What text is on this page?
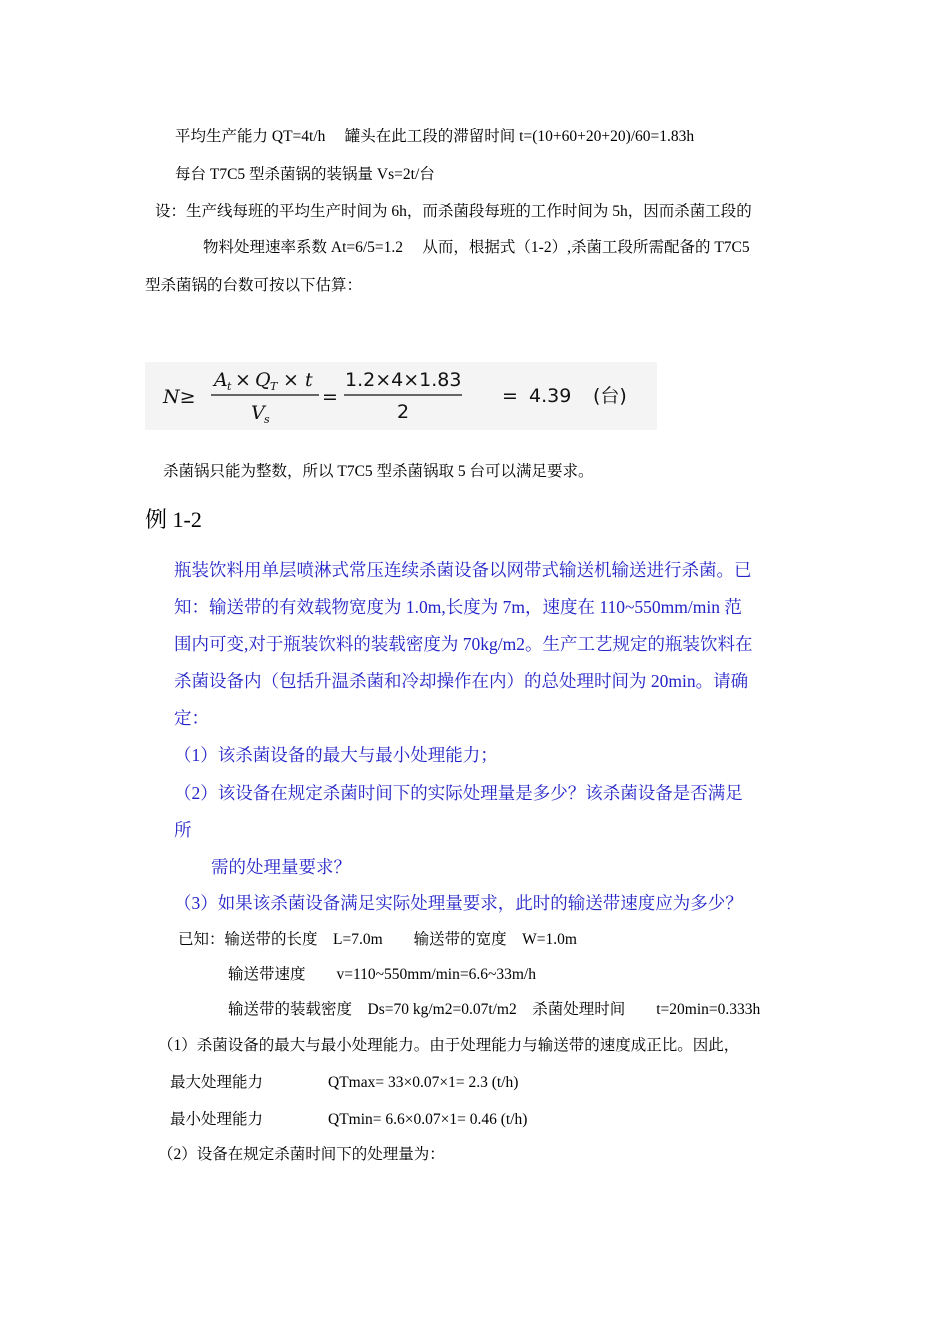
平均生产能力 QT=4t/h　 罐头在此工段的滞留时间 t=(10+60+20+20)/60=1.83h
每台 T7C5 型杀菌锅的装锅量 Vs=2t/台
设：生产线每班的平均生产时间为 6h，而杀菌段每班的工作时间为 5h，因而杀菌工段的
物料处理速率系数 At=6/5=1.2　 从而，根据式（1-2）,杀菌工段所需配备的 T7C5
型杀菌锅的台数可按以下估算：
N≥
A t × Q T × t
V s
=
1.2×4×1.83
2
= 4.39 (台)
杀菌锅只能为整数，所以 T7C5 型杀菌锅取 5 台可以满足要求。
例 1-2
瓶装饮料用单层喷淋式常压连续杀菌设备以网带式输送机输送进行杀菌。已
知：输送带的有效载物宽度为 1.0m,长度为 7m，速度在 110~550mm/min 范
围内可变,对于瓶装饮料的装载密度为 70kg/m2。生产工艺规定的瓶装饮料在
杀菌设备内（包括升温杀菌和冷却操作在内）的总处理时间为 20min。请确
定：
（1）该杀菌设备的最大与最小处理能力；
（2）该设备在规定杀菌时间下的实际处理量是多少？该杀菌设备是否满足
所
需的处理量要求？
（3）如果该杀菌设备满足实际处理量要求，此时的输送带速度应为多少？
已知：输送带的长度　L=7.0m　　输送带的宽度　W=1.0m
输送带速度　　v=110~550mm/min=6.6~33m/h
输送带的装载密度　Ds=70 kg/m2=0.07t/m2　杀菌处理时间　　t=20min=0.333h
（1）杀菌设备的最大与最小处理能力。由于处理能力与输送带的速度成正比。因此，
最大处理能力	QTmax= 33×0.07×1= 2.3 (t/h)
最小处理能力	QTmin= 6.6×0.07×1= 0.46 (t/h)
（2）设备在规定杀菌时间下的处理量为：
